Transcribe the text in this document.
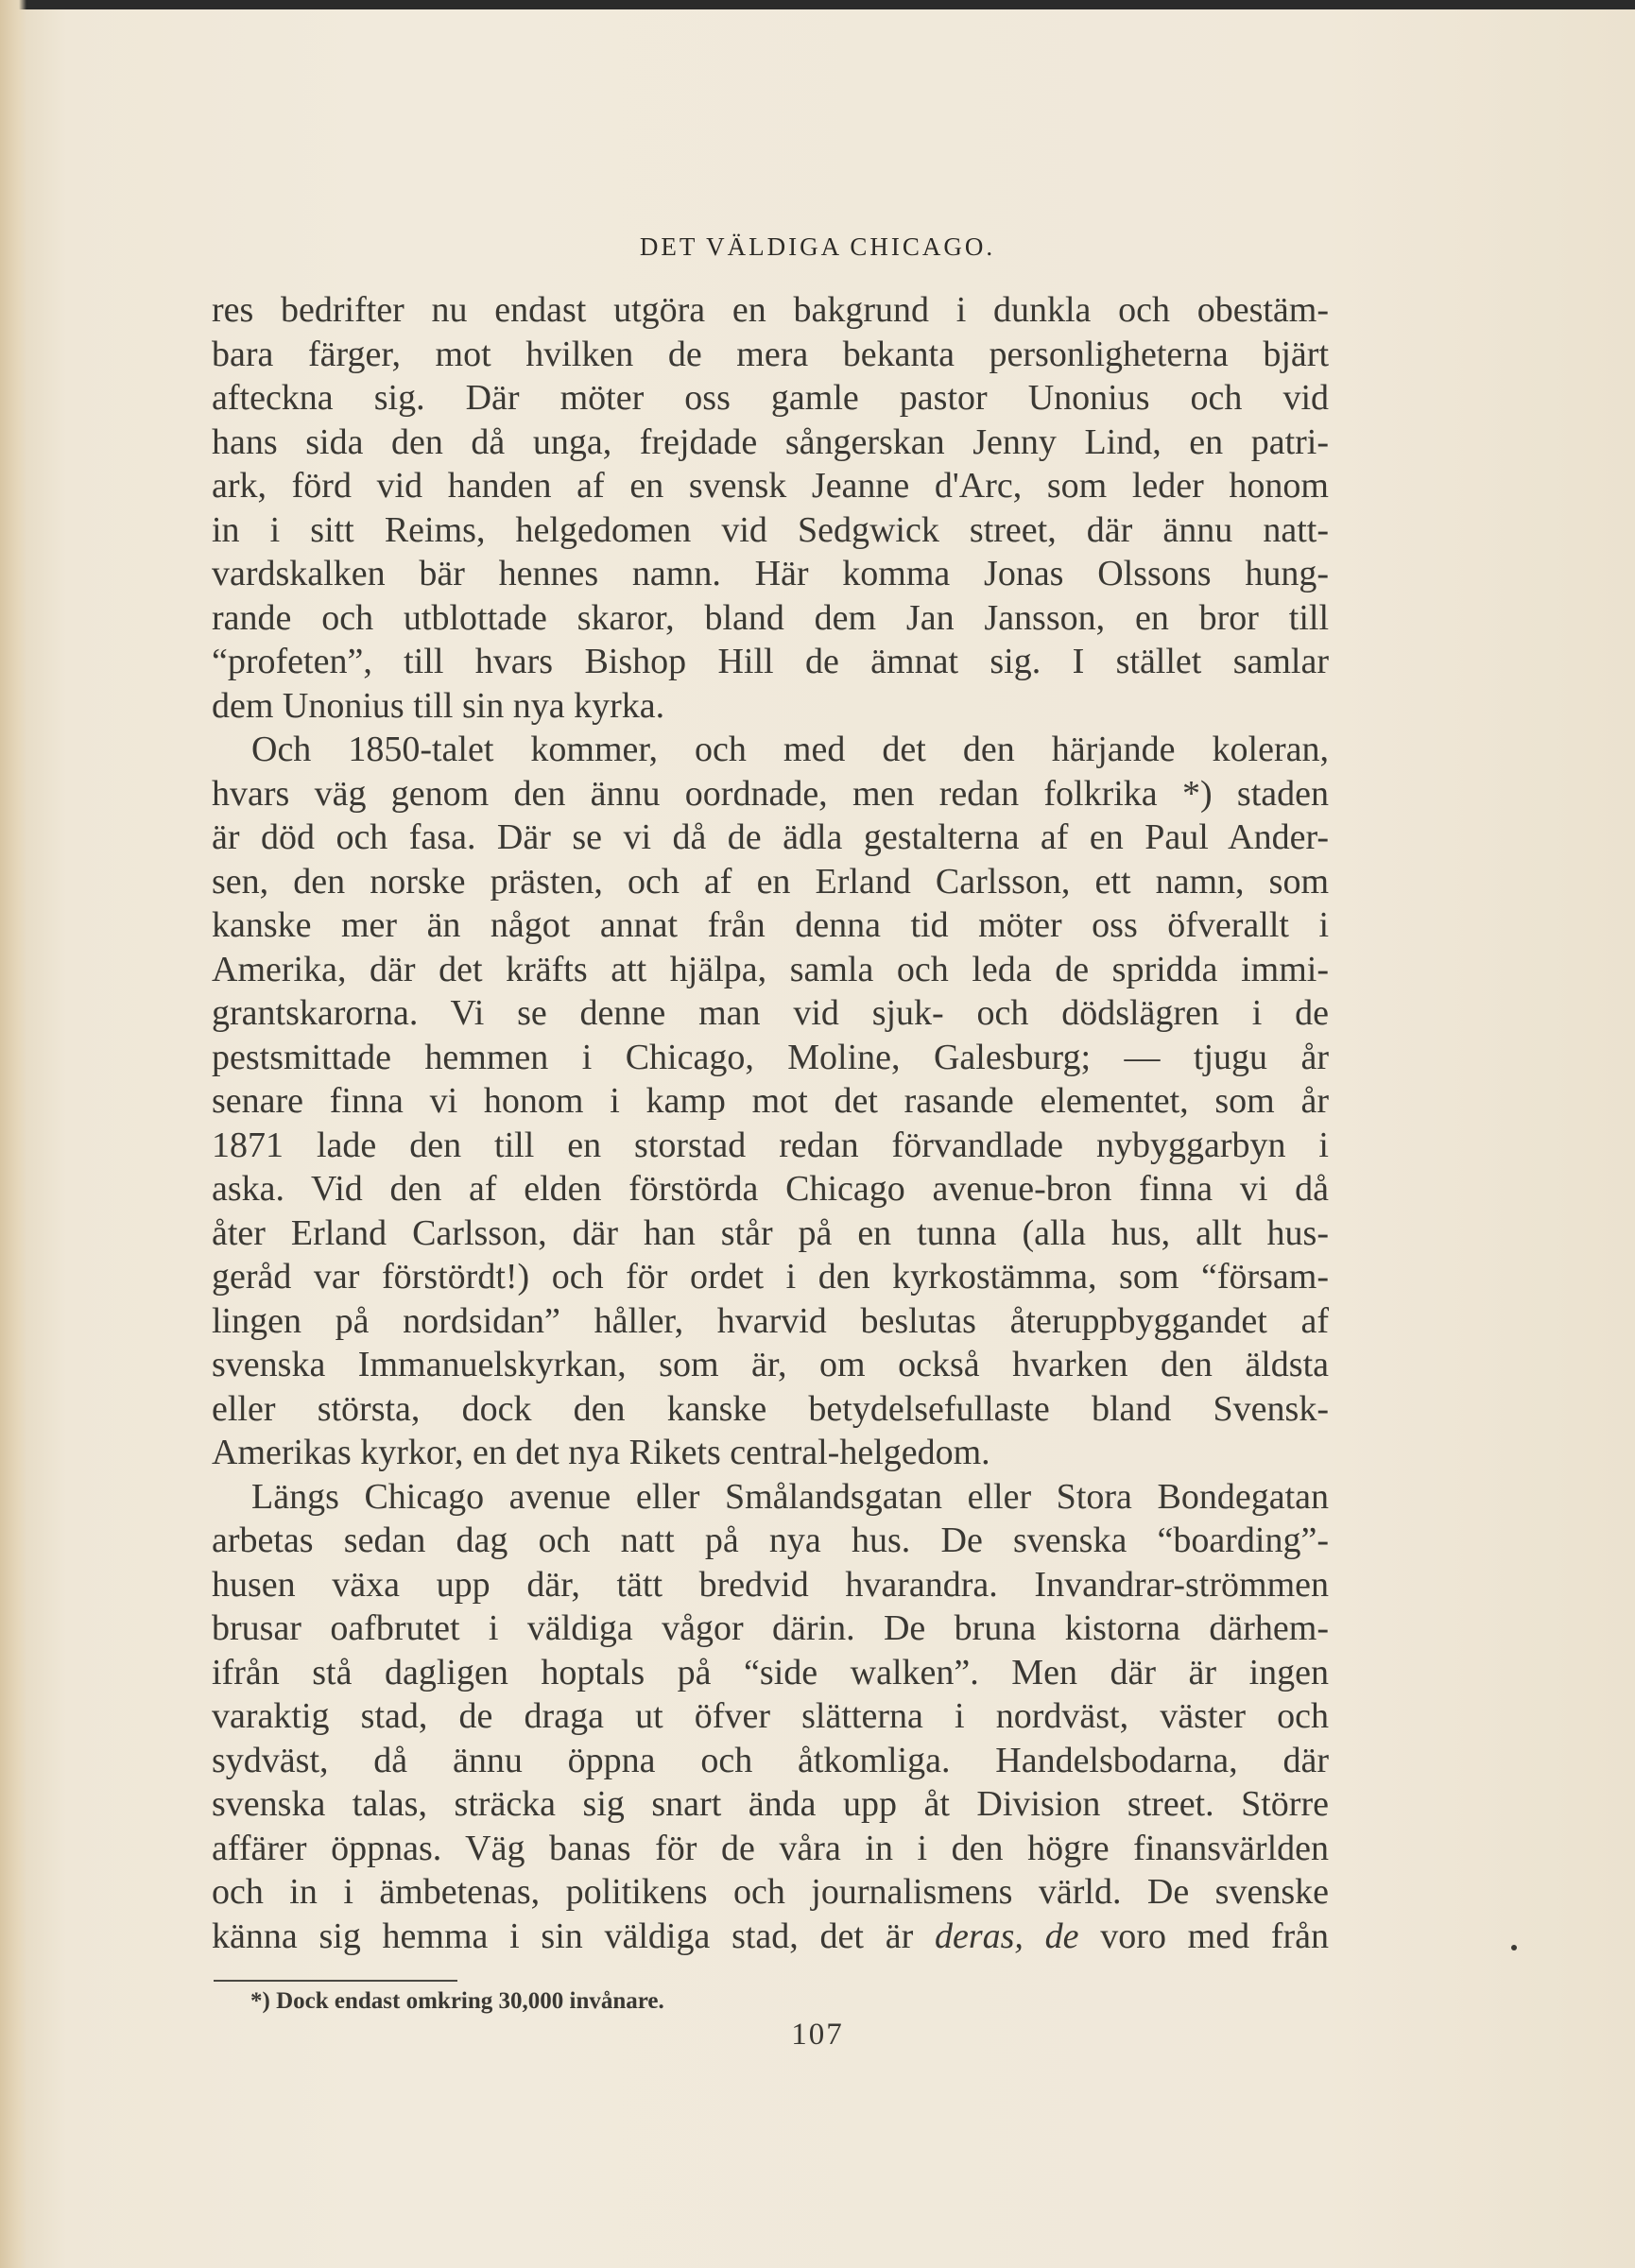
DET VÄLDIGA CHICAGO.
res bedrifter nu endast utgöra en bakgrund i dunkla och obestäm-
bara färger, mot hvilken de mera bekanta personligheterna bjärt
afteckna sig. Där möter oss gamle pastor Unonius och vid
hans sida den då unga, frejdade sångerskan Jenny Lind, en patri-
ark, förd vid handen af en svensk Jeanne d'Arc, som leder honom
in i sitt Reims, helgedomen vid Sedgwick street, där ännu natt-
vardskalken bär hennes namn. Här komma Jonas Olssons hung-
rande och utblottade skaror, bland dem Jan Jansson, en bror till
“profeten”, till hvars Bishop Hill de ämnat sig. I stället samlar
dem Unonius till sin nya kyrka.
Och 1850-talet kommer, och med det den härjande koleran,
hvars väg genom den ännu oordnade, men redan folkrika *) staden
är död och fasa. Där se vi då de ädla gestalterna af en Paul Ander-
sen, den norske prästen, och af en Erland Carlsson, ett namn, som
kanske mer än något annat från denna tid möter oss öfverallt i
Amerika, där det kräfts att hjälpa, samla och leda de spridda immi-
grantskarorna. Vi se denne man vid sjuk- och dödslägren i de
pestsmittade hemmen i Chicago, Moline, Galesburg; — tjugu år
senare finna vi honom i kamp mot det rasande elementet, som år
1871 lade den till en storstad redan förvandlade nybyggarbyn i
aska. Vid den af elden förstörda Chicago avenue-bron finna vi då
åter Erland Carlsson, där han står på en tunna (alla hus, allt hus-
geråd var förstördt!) och för ordet i den kyrkostämma, som “försam-
lingen på nordsidan” håller, hvarvid beslutas återuppbyggandet af
svenska Immanuelskyrkan, som är, om också hvarken den äldsta
eller största, dock den kanske betydelsefullaste bland Svensk-
Amerikas kyrkor, en det nya Rikets central-helgedom.
Längs Chicago avenue eller Smålandsgatan eller Stora Bondegatan
arbetas sedan dag och natt på nya hus. De svenska “boarding”-
husen växa upp där, tätt bredvid hvarandra. Invandrar-strömmen
brusar oafbrutet i väldiga vågor därin. De bruna kistorna därhem-
ifrån stå dagligen hoptals på “side walken”. Men där är ingen
varaktig stad, de draga ut öfver slätterna i nordväst, väster och
sydväst, då ännu öppna och åtkomliga. Handelsbodarna, där
svenska talas, sträcka sig snart ända upp åt Division street. Större
affärer öppnas. Väg banas för de våra in i den högre finansvärlden
och in i ämbetenas, politikens och journalismens värld. De svenske
känna sig hemma i sin väldiga stad, det är deras, de voro med från
*) Dock endast omkring 30,000 invånare.
107
